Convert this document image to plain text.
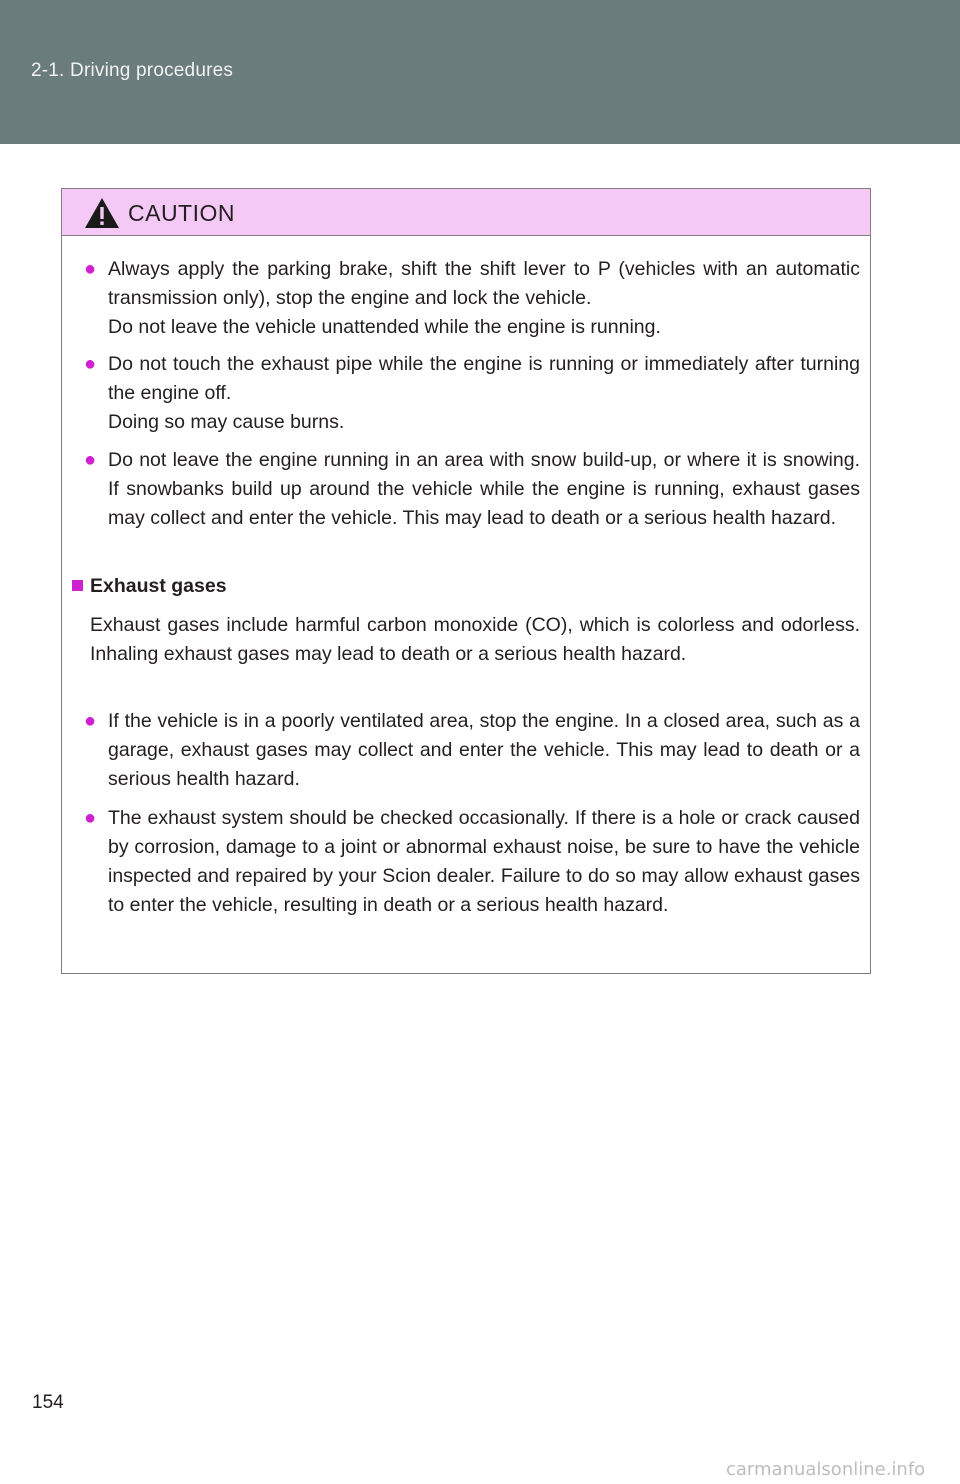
2-1. Driving procedures
CAUTION
● Always apply the parking brake, shift the shift lever to P (vehicles with an automatic transmission only), stop the engine and lock the vehicle.

Do not leave the vehicle unattended while the engine is running.

● Do not touch the exhaust pipe while the engine is running or immediately after turning the engine off.

Doing so may cause burns.

● Do not leave the engine running in an area with snow build-up, or where it is snowing. If snowbanks build up around the vehicle while the engine is running, exhaust gases may collect and enter the vehicle. This may lead to death or a serious health hazard.

Exhaust gases
Exhaust gases include harmful carbon monoxide (CO), which is colorless and odorless. Inhaling exhaust gases may lead to death or a serious health hazard.
● If the vehicle is in a poorly ventilated area, stop the engine. In a closed area, such as a garage, exhaust gases may collect and enter the vehicle. This may lead to death or a serious health hazard.

● The exhaust system should be checked occasionally. If there is a hole or crack caused by corrosion, damage to a joint or abnormal exhaust noise, be sure to have the vehicle inspected and repaired by your Scion dealer. Failure to do so may allow exhaust gases to enter the vehicle, resulting in death or a serious health hazard.

154
carmanualsonline.info
